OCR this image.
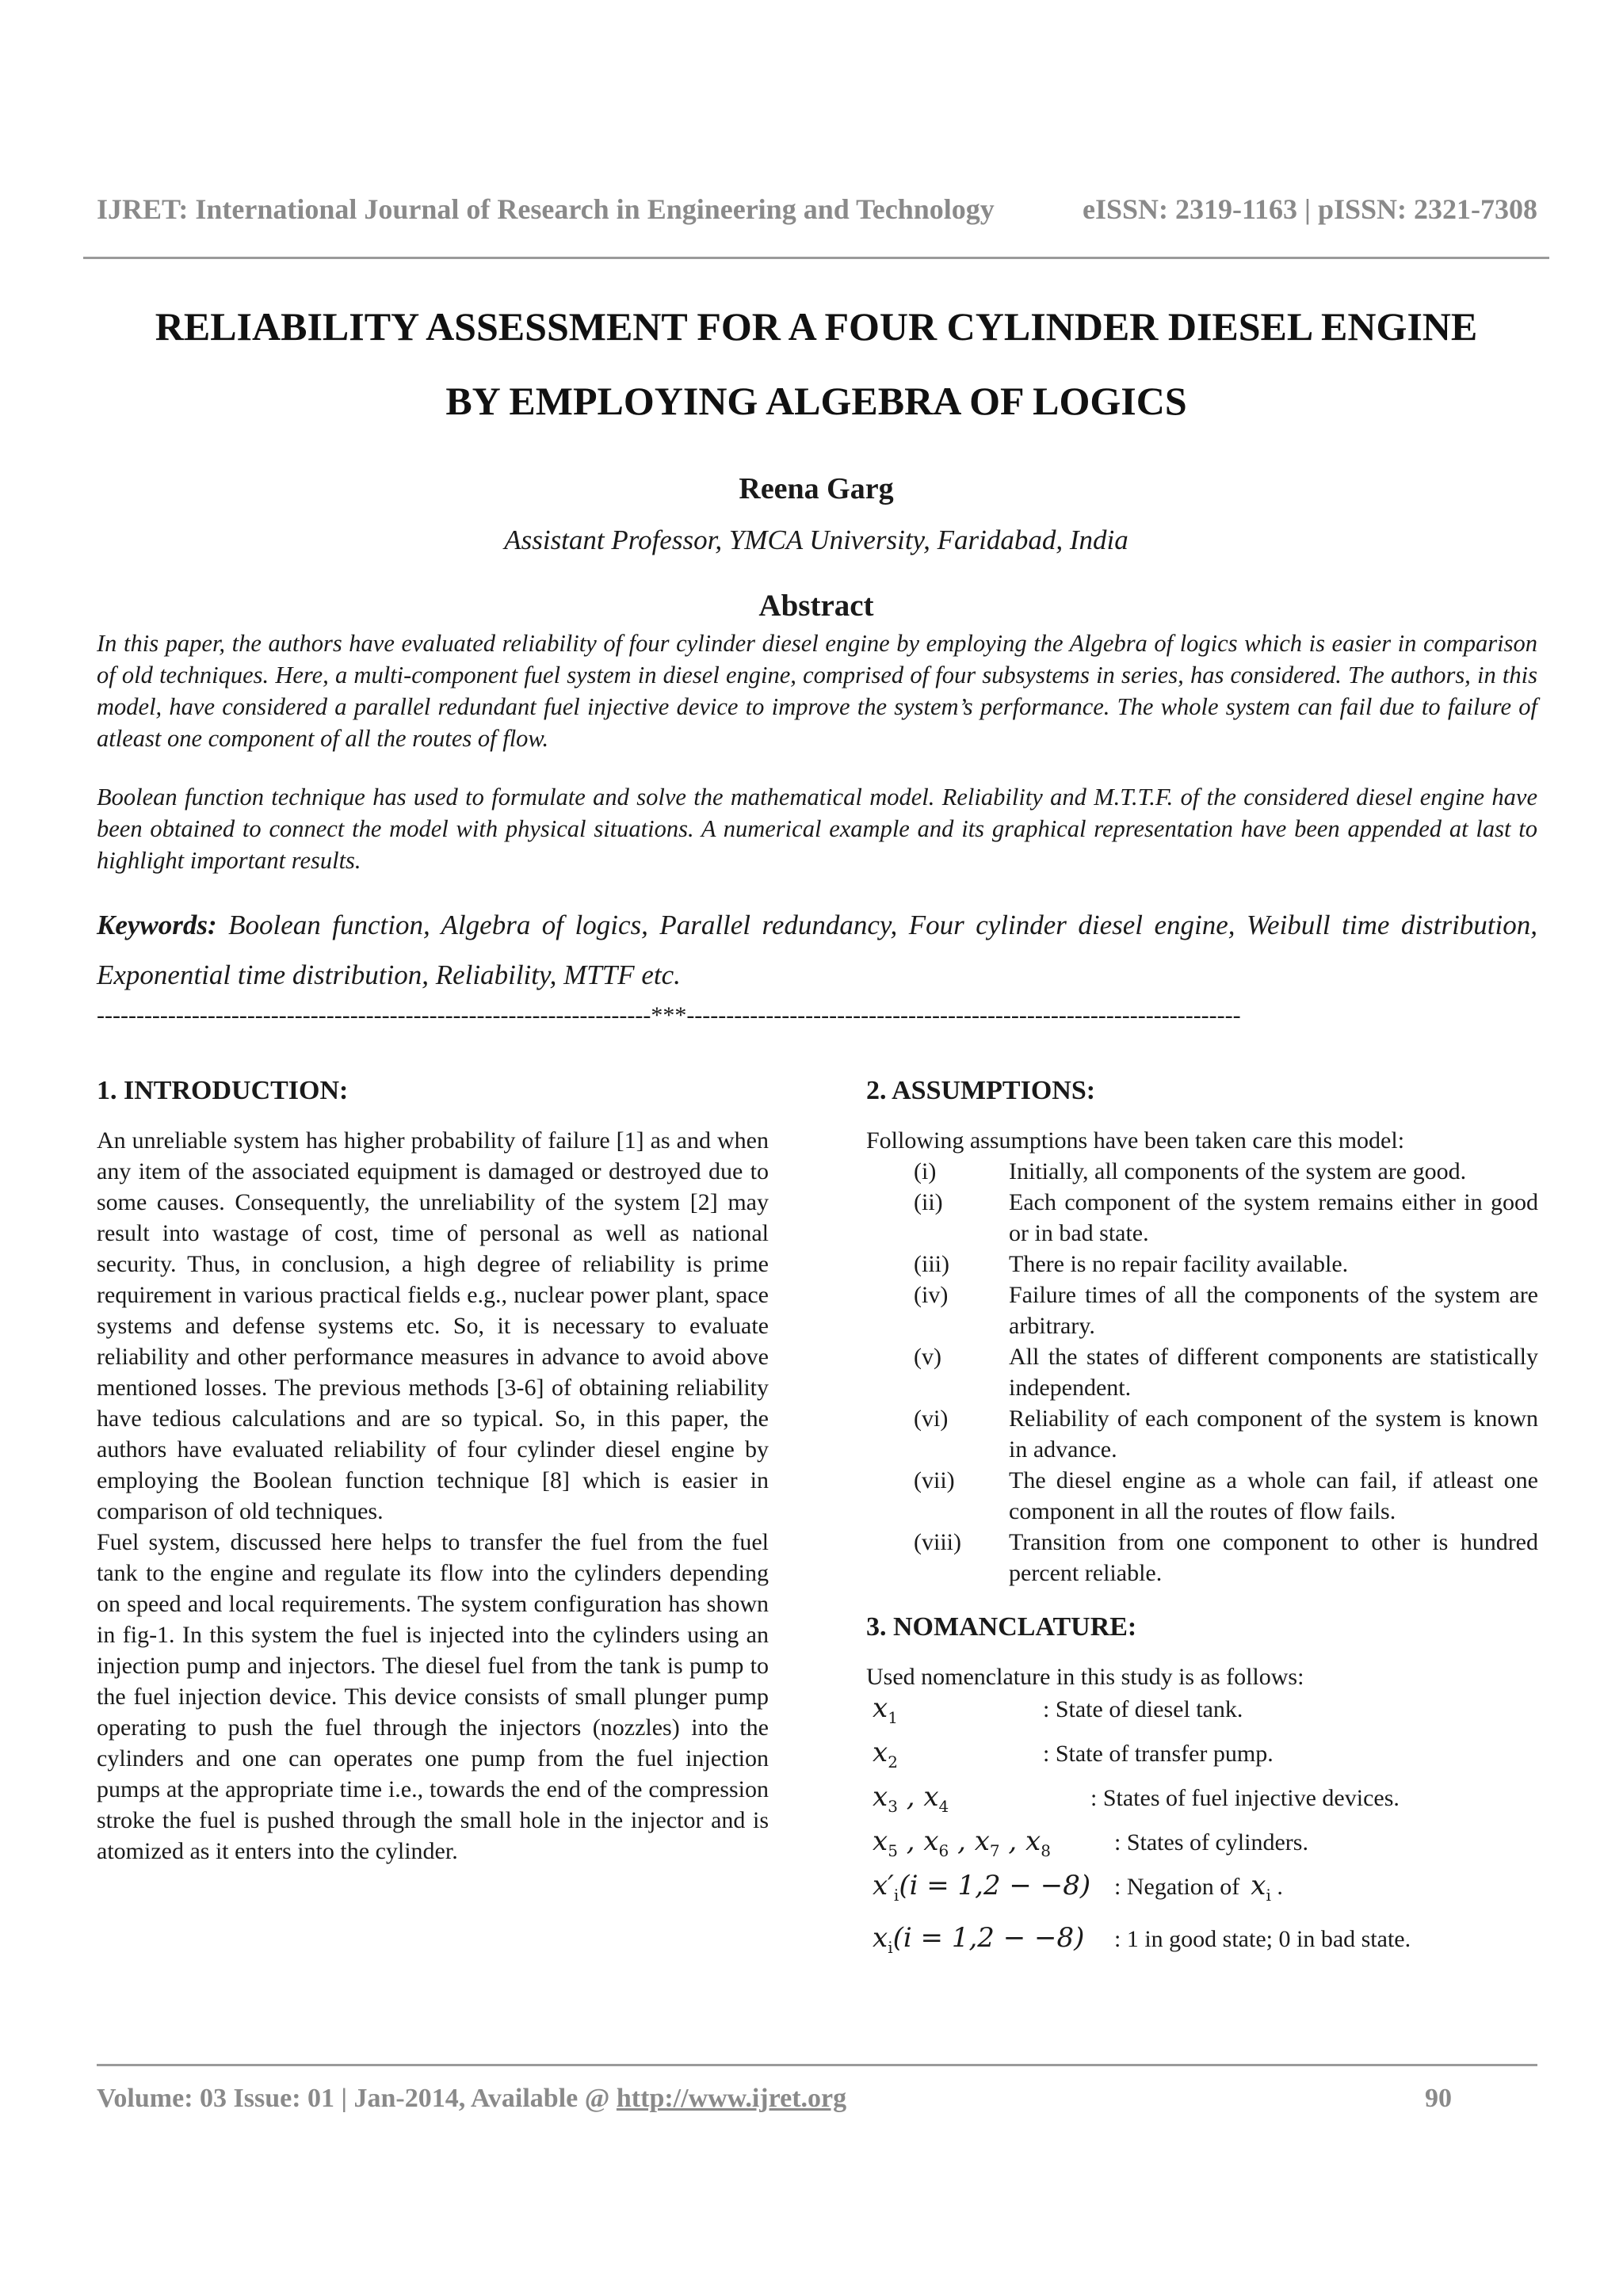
IJRET: International Journal of Research in Engineering and Technology	eISSN: 2319-1163 | pISSN: 2321-7308
RELIABILITY ASSESSMENT FOR A FOUR CYLINDER DIESEL ENGINE
BY EMPLOYING ALGEBRA OF LOGICS
Reena Garg
Assistant Professor, YMCA University, Faridabad, India
Abstract

In this paper, the authors have evaluated reliability of four cylinder diesel engine by employing the Algebra of logics which is easier in comparison of old techniques. Here, a multi-component fuel system in diesel engine, comprised of four subsystems in series, has considered. The authors, in this model, have considered a parallel redundant fuel injective device to improve the system’s performance. The whole system can fail due to failure of atleast one component of all the routes of flow.

Boolean function technique has used to formulate and solve the mathematical model. Reliability and M.T.T.F. of the considered diesel engine have been obtained to connect the model with physical situations. A numerical example and its graphical representation have been appended at last to highlight important results.

Keywords: Boolean function, Algebra of logics, Parallel redundancy, Four cylinder diesel engine, Weibull time distribution, Exponential time distribution, Reliability, MTTF etc.
----------------------------------------------------------------------***----------------------------------------------------------------------
1. INTRODUCTION:

An unreliable system has higher probability of failure [1] as and when any item of the associated equipment is damaged or destroyed due to some causes. Consequently, the unreliability of the system [2] may result into wastage of cost, time of personal as well as national security. Thus, in conclusion, a high degree of reliability is prime requirement in various practical fields e.g., nuclear power plant, space systems and defense systems etc. So, it is necessary to evaluate reliability and other performance measures in advance to avoid above mentioned losses. The previous methods [3-6] of obtaining reliability have tedious calculations and are so typical. So, in this paper, the authors have evaluated reliability of four cylinder diesel engine by employing the Boolean function technique [8] which is easier in comparison of old techniques.

Fuel system, discussed here helps to transfer the fuel from the fuel tank to the engine and regulate its flow into the cylinders depending on speed and local requirements. The system configuration has shown in fig-1. In this system the fuel is injected into the cylinders using an injection pump and injectors. The diesel fuel from the tank is pump to the fuel injection device. This device consists of small plunger pump operating to push the fuel through the injectors (nozzles) into the cylinders and one can operates one pump from the fuel injection pumps at the appropriate time i.e., towards the end of the compression stroke the fuel is pushed through the small hole in the injector and is atomized as it enters into the cylinder.

2. ASSUMPTIONS:

Following assumptions have been taken care this model:

(i)	Initially, all components of the system are good.
(ii)	Each component of the system remains either in good or in bad state.
(iii)	There is no repair facility available.
(iv)	Failure times of all the components of the system are arbitrary.
(v)	All the states of different components are statistically independent.
(vi)	Reliability of each component of the system is known in advance.
(vii)	The diesel engine as a whole can fail, if atleast one component in all the routes of flow fails.
(viii)	Transition from one component to other is hundred percent reliable.
3. NOMANCLATURE:

Used nomenclature in this study is as follows:

$x_1$	: State of diesel tank.
$x_2$	: State of transfer pump.
$x_3$ , $x_4$	: States of fuel injective devices.
$x_5$ , $x_6$ , $x_7$ , $x_8$	: States of cylinders.
$x'_i(i = 1,2 - -8)$ : Negation of $x_i$ .
$x_i(i = 1,2 - -8)$	: 1 in good state; 0 in bad state.
Volume: 03 Issue: 01 | Jan-2014, Available @ http://www.ijret.org	90
